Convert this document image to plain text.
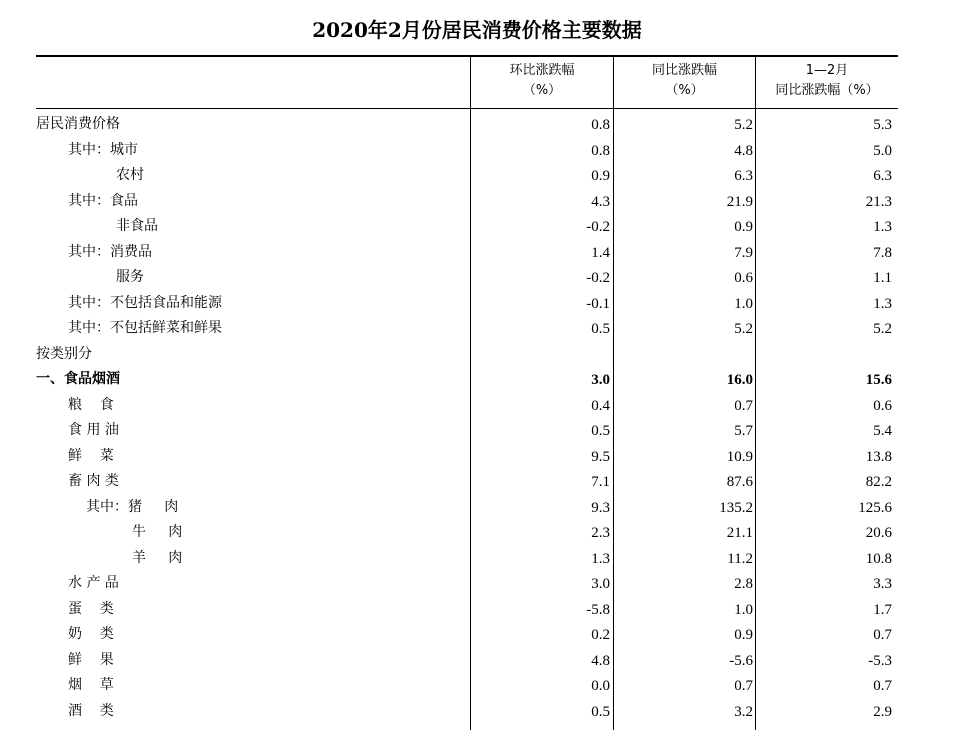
2020年2月份居民消费价格主要数据
环比涨跌幅
（%）
同比涨跌幅
（%）
1—2月
同比涨跌幅（%）
居民消费价格	0.8	5.2	5.3
其中：城市	0.8	4.8	5.0
农村	0.9	6.3	6.3
其中：食品	4.3	21.9	21.3
非食品	-0.2	0.9	1.3
其中：消费品	1.4	7.9	7.8
服务	-0.2	0.6	1.1
其中：不包括食品和能源	-0.1	1.0	1.3
其中：不包括鲜菜和鲜果	0.5	5.2	5.2
按类别分
一、食品烟酒	3.0	16.0	15.6
粮    食	0.4	0.7	0.6
食 用 油	0.5	5.7	5.4
鲜    菜	9.5	10.9	13.8
畜 肉 类	7.1	87.6	82.2
其中：猪     肉	9.3	135.2	125.6
牛     肉	2.3	21.1	20.6
羊     肉	1.3	11.2	10.8
水 产 品	3.0	2.8	3.3
蛋    类	-5.8	1.0	1.7
奶    类	0.2	0.9	0.7
鲜    果	4.8	-5.6	-5.3
烟    草	0.0	0.7	0.7
酒    类	0.5	3.2	2.9
